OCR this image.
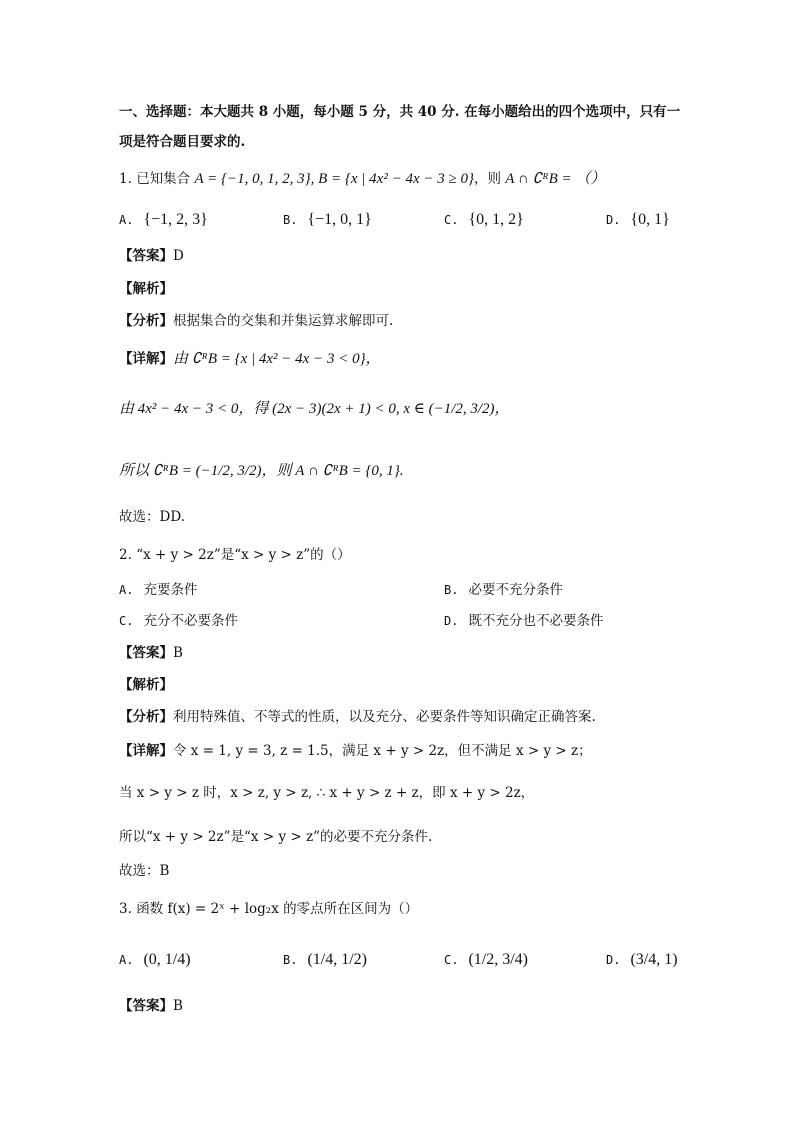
一、选择题：本大题共 8 小题，每小题 5 分，共 40 分. 在每小题给出的四个选项中，只有一
项是符合题目要求的.
1. 已知集合 A = {−1, 0, 1, 2, 3}, B = {x | 4x² − 4x − 3 ≥ 0}，则 A ∩ ∁ᴿB = （）
A. {−1, 2, 3}	B. {−1, 0, 1}	C. {0, 1, 2}	D. {0, 1}
【答案】D
【解析】
【分析】根据集合的交集和并集运算求解即可.
【详解】由 ∁ᴿB = {x | 4x² − 4x − 3 < 0}，
由 4x² − 4x − 3 < 0，得 (2x − 3)(2x + 1) < 0, x ∈ (−1/2, 3/2)，
所以 ∁ᴿB = (−1/2, 3/2)，则 A ∩ ∁ᴿB = {0, 1}.
故选：DD.
2. “x + y > 2z”是“x > y > z”的（）
A. 充要条件	B. 必要不充分条件
C. 充分不必要条件	D. 既不充分也不必要条件
【答案】B
【解析】
【分析】利用特殊值、不等式的性质，以及充分、必要条件等知识确定正确答案.
【详解】令 x = 1, y = 3, z = 1.5，满足 x + y > 2z，但不满足 x > y > z；
当 x > y > z 时，x > z, y > z, ∴ x + y > z + z，即 x + y > 2z，
所以“x + y > 2z”是“x > y > z”的必要不充分条件.
故选：B
3. 函数 f(x) = 2ˣ + log₂x 的零点所在区间为（）
A. (0, 1/4)	B. (1/4, 1/2)	C. (1/2, 3/4)	D. (3/4, 1)
【答案】B
